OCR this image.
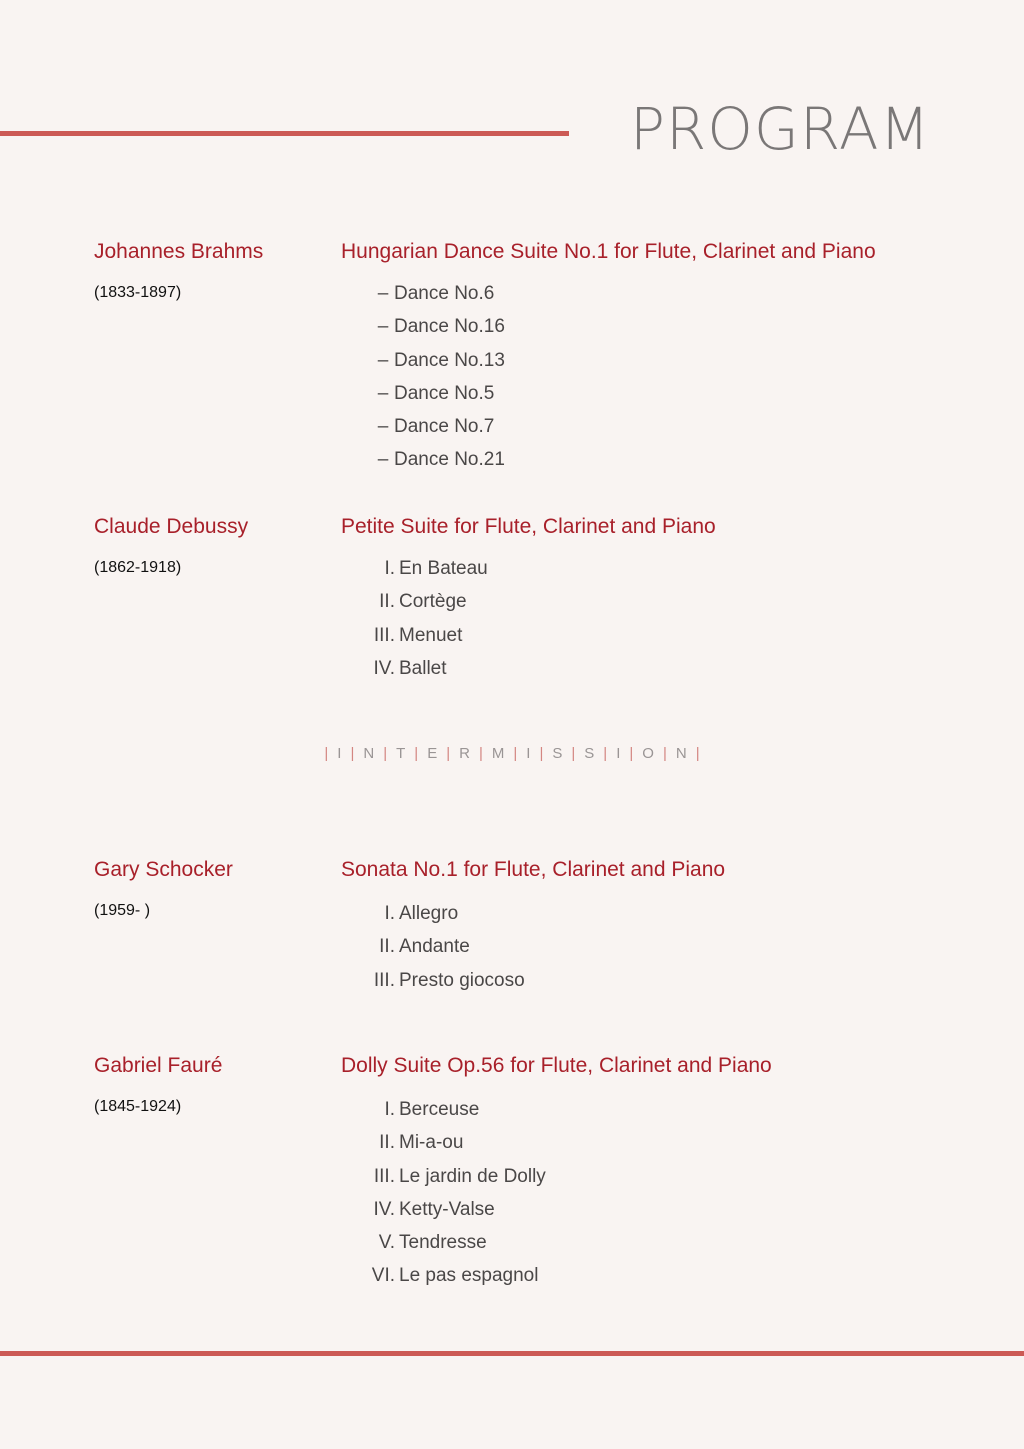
PROGRAM
Johannes Brahms
(1833-1897)
Hungarian Dance Suite No.1 for Flute, Clarinet and Piano
– Dance No.6
– Dance No.16
– Dance No.13
– Dance No.5
– Dance No.7
– Dance No.21
Claude Debussy
(1862-1918)
Petite Suite for Flute, Clarinet and Piano
I. En Bateau
II. Cortège
III. Menuet
IV. Ballet
| I | N | T | E | R | M | I | S | S | I | O | N |
Gary Schocker
(1959- )
Sonata No.1 for Flute, Clarinet and Piano
I. Allegro
II. Andante
III. Presto giocoso
Gabriel Fauré
(1845-1924)
Dolly Suite Op.56 for Flute, Clarinet and Piano
I. Berceuse
II. Mi-a-ou
III. Le jardin de Dolly
IV. Ketty-Valse
V. Tendresse
VI. Le pas espagnol
